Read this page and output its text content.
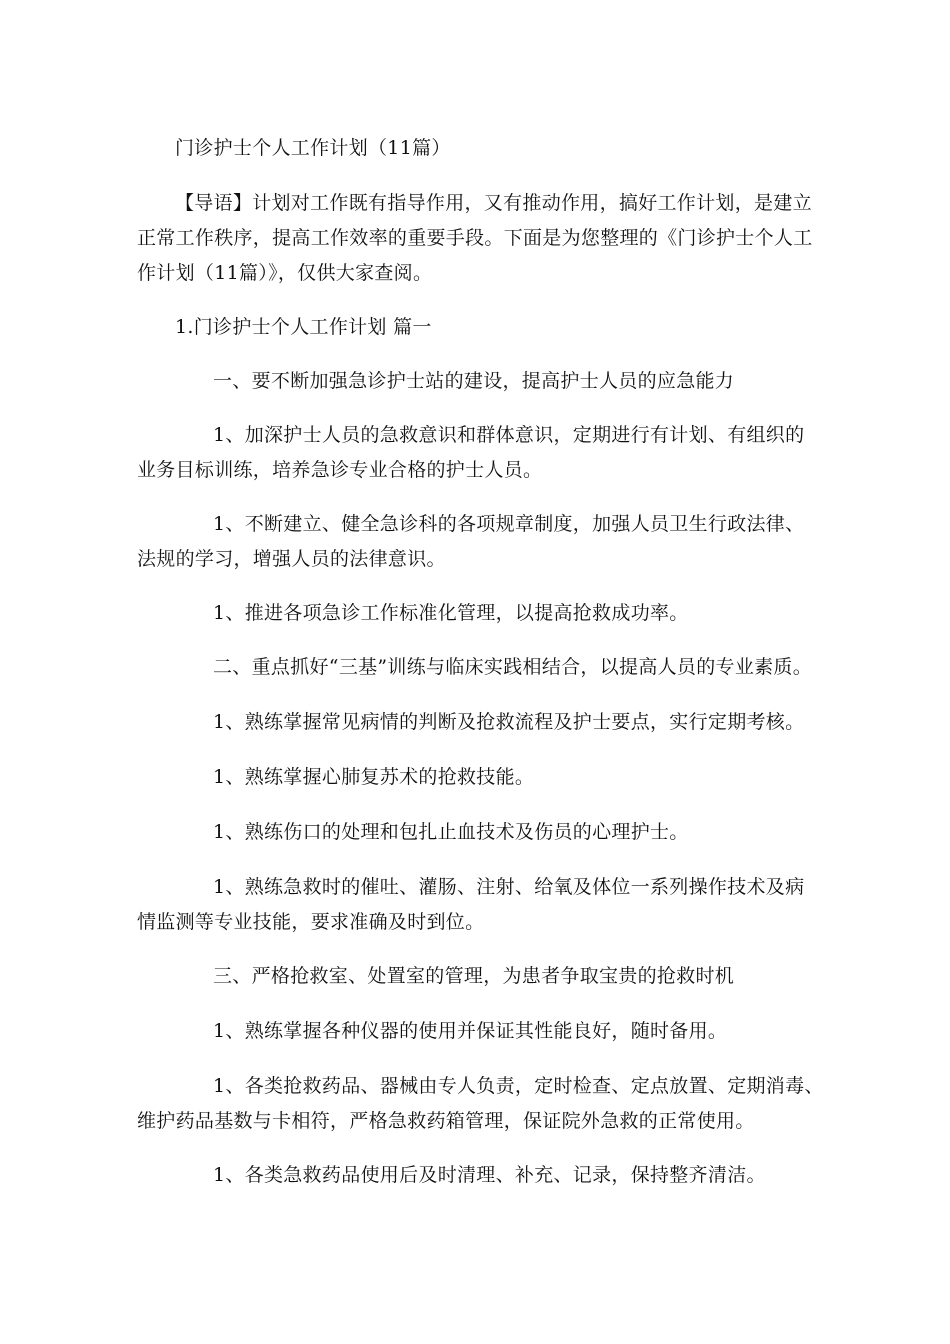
门诊护士个人工作计划（11篇）
【导语】计划对工作既有指导作用，又有推动作用，搞好工作计划，是建立
正常工作秩序，提高工作效率的重要手段。下面是为您整理的《门诊护士个人工
作计划（11篇）》，仅供大家查阅。
1.门诊护士个人工作计划 篇一
一、要不断加强急诊护士站的建设，提高护士人员的应急能力
1、加深护士人员的急救意识和群体意识，定期进行有计划、有组织的
业务目标训练，培养急诊专业合格的护士人员。
1、不断建立、健全急诊科的各项规章制度，加强人员卫生行政法律、
法规的学习，增强人员的法律意识。
1、推进各项急诊工作标准化管理，以提高抢救成功率。
二、重点抓好“三基”训练与临床实践相结合，以提高人员的专业素质。
1、熟练掌握常见病情的判断及抢救流程及护士要点，实行定期考核。
1、熟练掌握心肺复苏术的抢救技能。
1、熟练伤口的处理和包扎止血技术及伤员的心理护士。
1、熟练急救时的催吐、灌肠、注射、给氧及体位一系列操作技术及病
情监测等专业技能，要求准确及时到位。
三、严格抢救室、处置室的管理，为患者争取宝贵的抢救时机
1、熟练掌握各种仪器的使用并保证其性能良好，随时备用。
1、各类抢救药品、器械由专人负责，定时检查、定点放置、定期消毒、
维护药品基数与卡相符，严格急救药箱管理，保证院外急救的正常使用。
1、各类急救药品使用后及时清理、补充、记录，保持整齐清洁。
